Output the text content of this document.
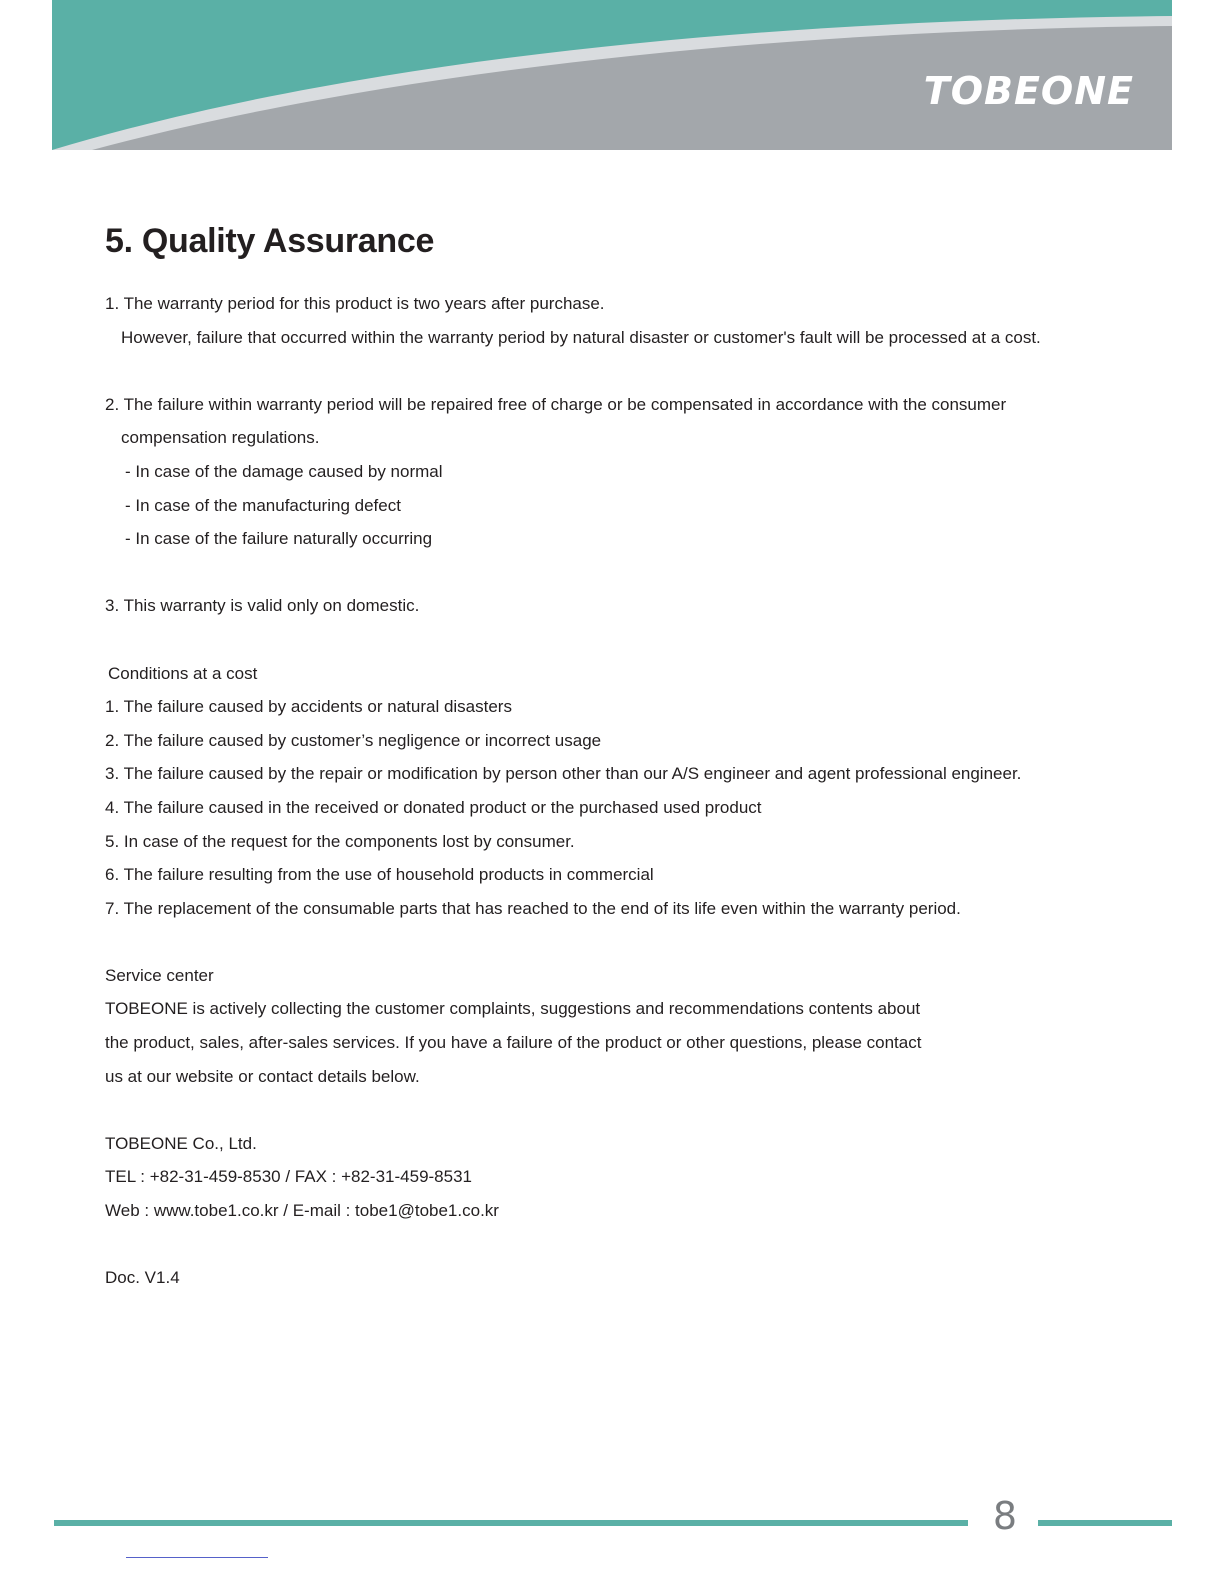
TOBEONE
5. Quality Assurance
1. The warranty period for this product is two years after purchase.
However, failure that occurred within the warranty period by natural disaster or customer's fault will be processed at a cost.
2. The failure within warranty period will be repaired free of charge or be compensated in accordance with the consumer
compensation regulations.
- In case of the damage caused by normal
- In case of the manufacturing defect
- In case of the failure naturally occurring
3. This warranty is valid only on domestic.
Conditions at a cost
1. The failure caused by accidents or natural disasters
2. The failure caused by customer’s negligence or incorrect usage
3. The failure caused by the repair or modification by person other than our A/S engineer and agent professional engineer.
4. The failure caused in the received or donated product or the purchased used product
5. In case of the request for the components lost by consumer.
6. The failure resulting from the use of household products in commercial
7. The replacement of the consumable parts that has reached to the end of its life even within the warranty period.
Service center
TOBEONE is actively collecting the customer complaints, suggestions and recommendations contents about
the product, sales, after-sales services. If you have a failure of the product or other questions, please contact
us at our website or contact details below.
TOBEONE Co., Ltd.
TEL : +82-31-459-8530 / FAX : +82-31-459-8531
Web : www.tobe1.co.kr / E-mail : tobe1@tobe1.co.kr
Doc. V1.4
8
